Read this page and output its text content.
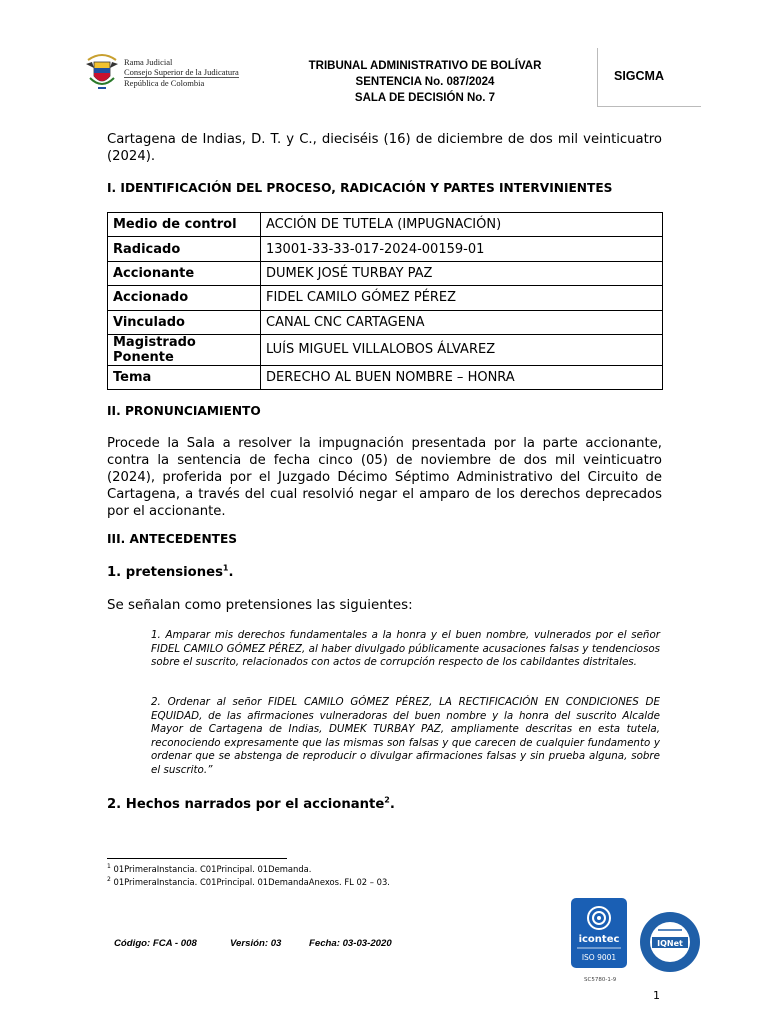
Rama Judicial
Consejo Superior de la Judicatura
República de Colombia
TRIBUNAL ADMINISTRATIVO DE BOLÍVAR
SENTENCIA No. 087/2024
SALA DE DECISIÓN No. 7
SIGCMA
Cartagena de Indias, D. T. y C., dieciséis (16) de diciembre de dos mil veinticuatro (2024).
I. IDENTIFICACIÓN DEL PROCESO, RADICACIÓN Y PARTES INTERVINIENTES
Medio de control	ACCIÓN DE TUTELA (IMPUGNACIÓN)
Radicado	13001-33-33-017-2024-00159-01
Accionante	DUMEK JOSÉ TURBAY PAZ
Accionado	FIDEL CAMILO GÓMEZ PÉREZ
Vinculado	CANAL CNC CARTAGENA
Magistrado Ponente	LUÍS MIGUEL VILLALOBOS ÁLVAREZ
Tema	DERECHO AL BUEN NOMBRE – HONRA
II. PRONUNCIAMIENTO
Procede la Sala a resolver la impugnación presentada por la parte accionante, contra la sentencia de fecha cinco (05) de noviembre de dos mil veinticuatro (2024), proferida por el Juzgado Décimo Séptimo Administrativo del Circuito de Cartagena, a través del cual resolvió negar el amparo de los derechos deprecados por el accionante.
III. ANTECEDENTES
1. pretensiones$^1$.
Se señalan como pretensiones las siguientes:
1. Amparar mis derechos fundamentales a la honra y el buen nombre, vulnerados por el señor FIDEL CAMILO GÓMEZ PÉREZ, al haber divulgado públicamente acusaciones falsas y tendenciosos sobre el suscrito, relacionados con actos de corrupción respecto de los cabildantes distritales.
2. Ordenar al señor FIDEL CAMILO GÓMEZ PÉREZ, LA RECTIFICACIÓN EN CONDICIONES DE EQUIDAD, de las afirmaciones vulneradoras del buen nombre y la honra del suscrito Alcalde Mayor de Cartagena de Indias, DUMEK TURBAY PAZ, ampliamente descritas en esta tutela, reconociendo expresamente que las mismas son falsas y que carecen de cualquier fundamento y ordenar que se abstenga de reproducir o divulgar afirmaciones falsas y sin prueba alguna, sobre el suscrito.”
2. Hechos narrados por el accionante$^2$.
$^1$ 01PrimeraInstancia. C01Principal. 01Demanda.
$^2$ 01PrimeraInstancia. C01Principal. 01DemandaAnexos. FL 02 – 03.
Código: FCA - 008	Versión: 03	Fecha: 03-03-2020	icontec
ISO 9001
SC5780-1-9
IQNet
1
